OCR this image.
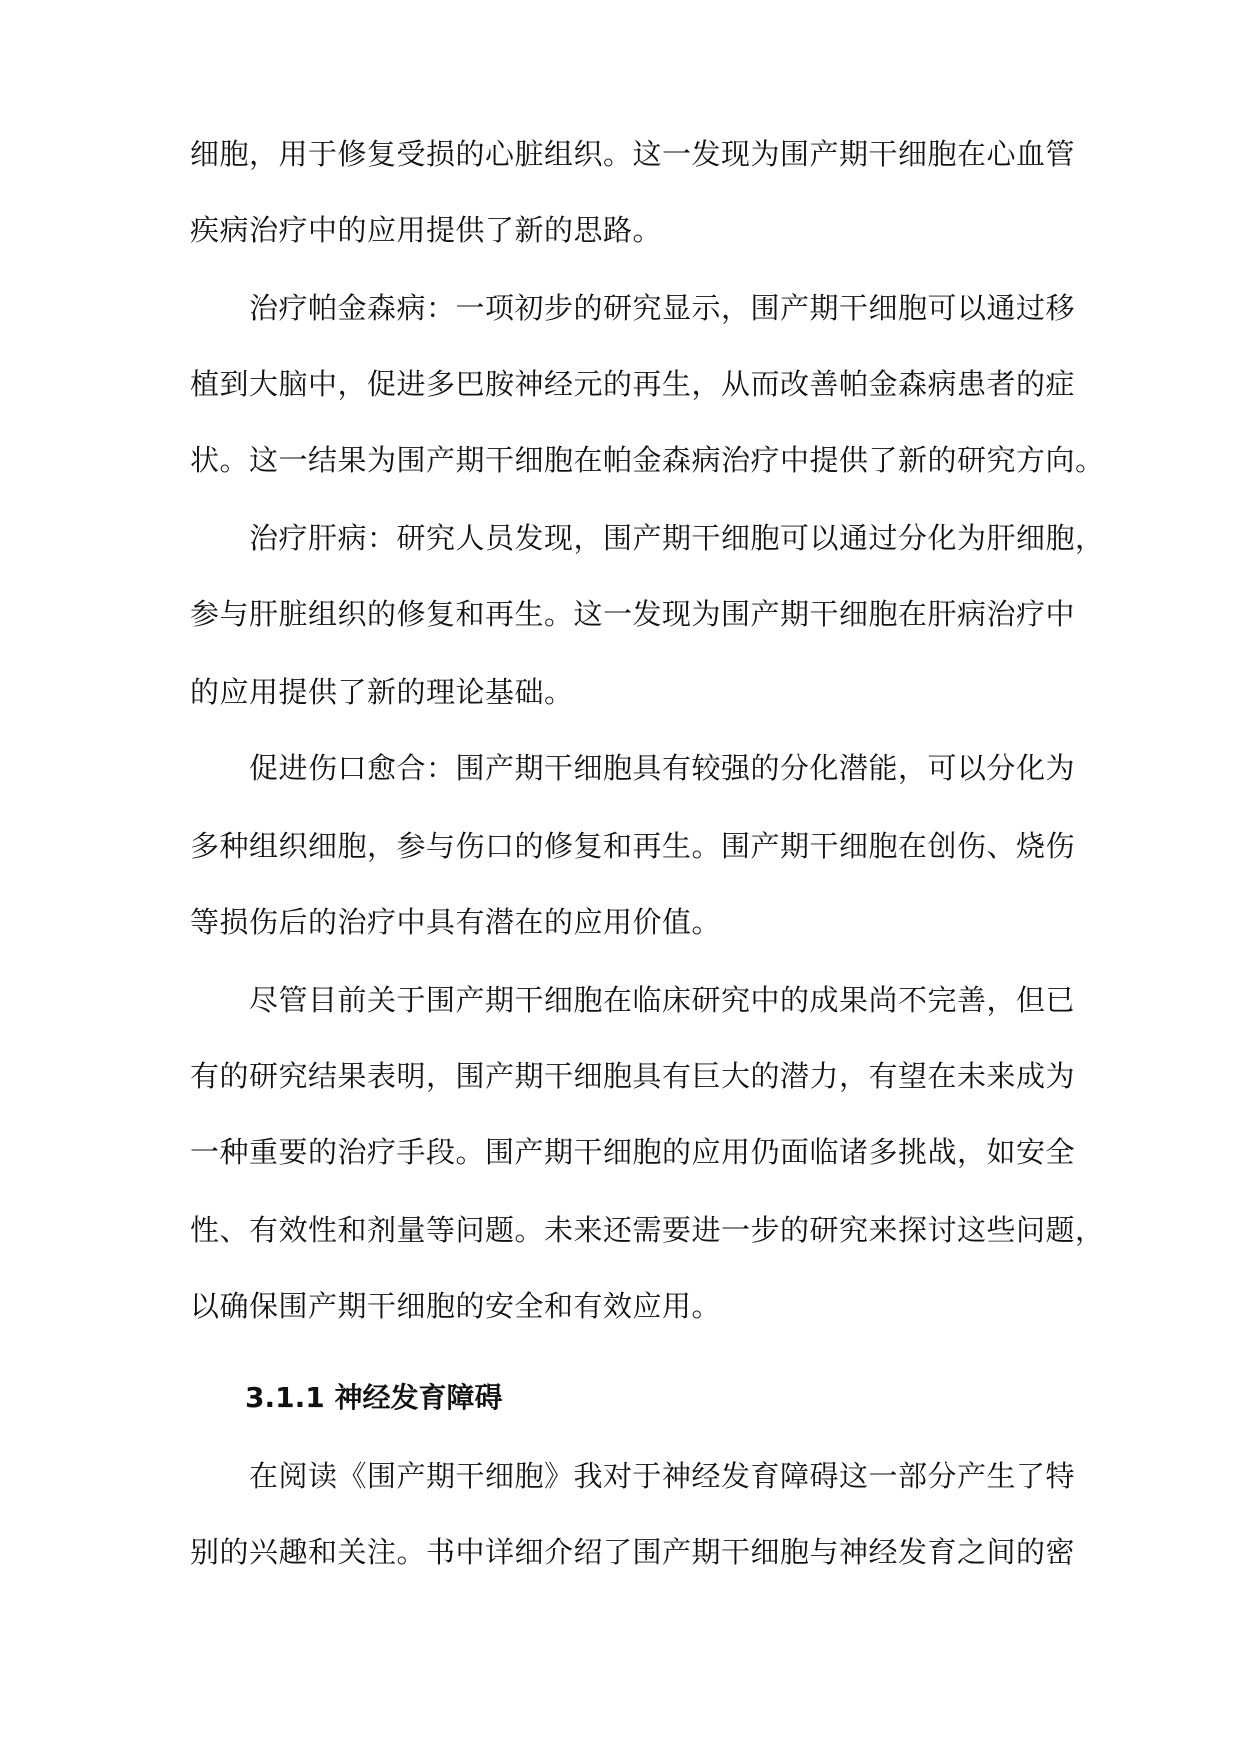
细胞，用于修复受损的心脏组织。这一发现为围产期干细胞在心血管
疾病治疗中的应用提供了新的思路。
　　治疗帕金森病：一项初步的研究显示，围产期干细胞可以通过移
植到大脑中，促进多巴胺神经元的再生，从而改善帕金森病患者的症
状。这一结果为围产期干细胞在帕金森病治疗中提供了新的研究方向。
　　治疗肝病：研究人员发现，围产期干细胞可以通过分化为肝细胞，
参与肝脏组织的修复和再生。这一发现为围产期干细胞在肝病治疗中
的应用提供了新的理论基础。
　　促进伤口愈合：围产期干细胞具有较强的分化潜能，可以分化为
多种组织细胞，参与伤口的修复和再生。围产期干细胞在创伤、烧伤
等损伤后的治疗中具有潜在的应用价值。
　　尽管目前关于围产期干细胞在临床研究中的成果尚不完善，但已
有的研究结果表明，围产期干细胞具有巨大的潜力，有望在未来成为
一种重要的治疗手段。围产期干细胞的应用仍面临诸多挑战，如安全
性、有效性和剂量等问题。未来还需要进一步的研究来探讨这些问题，
以确保围产期干细胞的安全和有效应用。
3.1.1 神经发育障碍
　　在阅读《围产期干细胞》我对于神经发育障碍这一部分产生了特
别的兴趣和关注。书中详细介绍了围产期干细胞与神经发育之间的密
